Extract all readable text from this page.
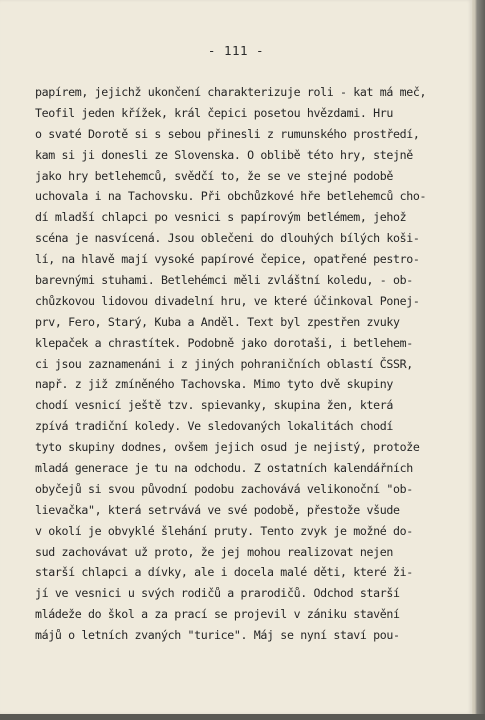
- 111 -
papírem, jejichž ukončení charakterizuje roli - kat má meč,
Teofil jeden křížek, král čepici posetou hvězdami. Hru
o svaté Dorotě si s sebou přinesli z rumunského prostředí,
kam si ji donesli ze Slovenska. O oblibě této hry, stejně
jako hry betlehemců, svědčí to, že se ve stejné podobě
uchovala i na Tachovsku. Při obchůzkové hře betlehemců cho-
dí mladší chlapci po vesnici s papírovým betlémem, jehož
scéna je nasvícená. Jsou oblečeni do dlouhých bílých koši-
lí, na hlavě mají vysoké papírové čepice, opatřené pestro-
barevnými stuhami. Betlehémci měli zvláštní koledu, - ob-
chůzkovou lidovou divadelní hru, ve které účinkoval Ponej-
prv, Fero, Starý, Kuba a Anděl. Text byl zpestřen zvuky
klepaček a chrastítek. Podobně jako dorotaši, i betlehem-
ci jsou zaznamenáni i z jiných pohraničních oblastí ČSSR,
např. z již zmíněného Tachovska. Mimo tyto dvě skupiny
chodí vesnicí ještě tzv. spievanky, skupina žen, která
zpívá tradiční koledy. Ve sledovaných lokalitách chodí
tyto skupiny dodnes, ovšem jejich osud je nejistý, protože
mladá generace je tu na odchodu. Z ostatních kalendářních
obyčejů si svou původní podobu zachovává velikonoční "ob-
lievačka", která setrvává ve své podobě, přestože všude
v okolí je obvyklé šlehání pruty. Tento zvyk je možné do-
sud zachovávat už proto, že jej mohou realizovat nejen
starší chlapci a dívky, ale i docela malé děti, které ži-
jí ve vesnici u svých rodičů a prarodičů. Odchod starší
mládeže do škol a za prací se projevil v zániku stavění
májů o letních zvaných "turice". Máj se nyní staví pou-
